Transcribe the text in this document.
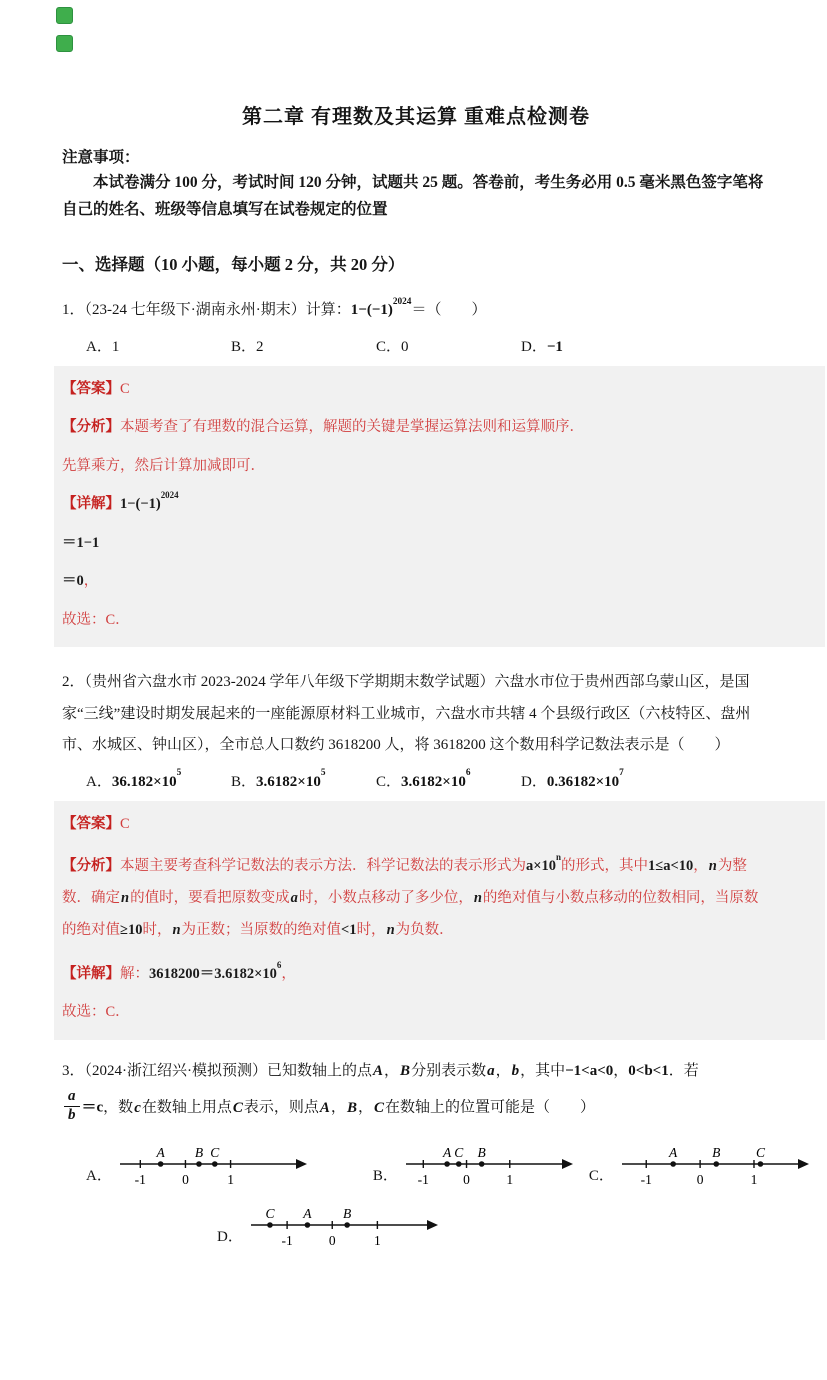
第二章 有理数及其运算 重难点检测卷
注意事项：

本试卷满分 100 分，考试时间 120 分钟，试题共 25 题。答卷前，考生务必用 0.5 毫米黑色签字笔将自己的姓名、班级等信息填写在试卷规定的位置

一、选择题（10 小题，每小题 2 分，共 20 分）

1．（23-24 七年级下·湖南永州·期末）计算：$1-(-1)^{2024}=$（　　）

A．1	B．2	C．0	D．−1

【答案】C

【分析】本题考查了有理数的混合运算，解题的关键是掌握运算法则和运算顺序．

先算乘方，然后计算加减即可．

【详解】$1-(-1)^{2024}$

＝1−1

＝0，

故选：C．

2．（贵州省六盘水市 2023-2024 学年八年级下学期期末数学试题）六盘水市位于贵州西部乌蒙山区，是国家“三线”建设时期发展起来的一座能源原材料工业城市，六盘水市共辖 4 个县级行政区（六枝特区、盘州市、水城区、钟山区），全市总人口数约 3618200 人，将 3618200 这个数用科学记数法表示是（　　）

A．$36.182\times 10^5$
B．$3.6182\times 10^5$
C．$3.6182\times 10^6$
D．$0.36182\times 10^7$

【答案】C

【分析】本题主要考查科学记数法的表示方法．科学记数法的表示形式为$a\times 10^n$的形式，其中1≤a<10，n为整数．确定n的值时，要看把原数变成a时，小数点移动了多少位，n的绝对值与小数点移动的位数相同，当原数的绝对值≥10时，n为正数；当原数的绝对值<1时，n为负数．

【详解】解：$3618200=3.6182\times 10^6$，

故选：C．

3．（2024·浙江绍兴·模拟预测）已知数轴上的点A，B分别表示数a，b，其中−1<a<0，0<b<1．若

$\frac{a}{b} =c$，数c在数轴上用点C表示，则点A，B，C在数轴上的位置可能是（　　）

A． -1	0	1
A B C
B． -1	0	1
A C B
C． -1	0	1
A	B	C
D．	-1	0	1
C A B
